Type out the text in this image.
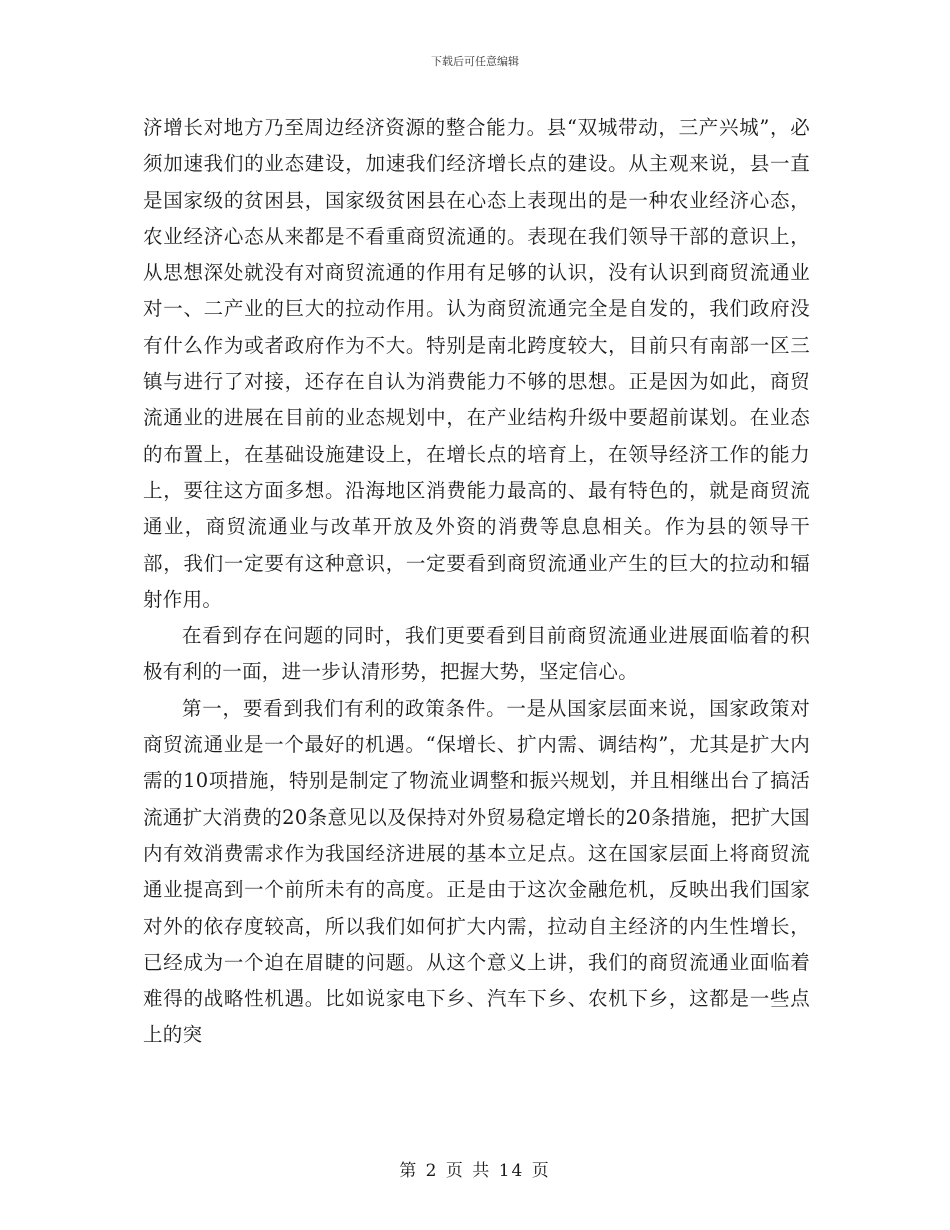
下载后可任意编辑

济增长对地方乃至周边经济资源的整合能力。县“双城带动，三产兴城”，必须加速我们的业态建设，加速我们经济增长点的建设。从主观来说，县一直是国家级的贫困县，国家级贫困县在心态上表现出的是一种农业经济心态，农业经济心态从来都是不看重商贸流通的。表现在我们领导干部的意识上，从思想深处就没有对商贸流通的作用有足够的认识，没有认识到商贸流通业对一、二产业的巨大的拉动作用。认为商贸流通完全是自发的，我们政府没有什么作为或者政府作为不大。特别是南北跨度较大，目前只有南部一区三镇与进行了对接，还存在自认为消费能力不够的思想。正是因为如此，商贸流通业的进展在目前的业态规划中，在产业结构升级中要超前谋划。在业态的布置上，在基础设施建设上，在增长点的培育上，在领导经济工作的能力上，要往这方面多想。沿海地区消费能力最高的、最有特色的，就是商贸流通业，商贸流通业与改革开放及外资的消费等息息相关。作为县的领导干部，我们一定要有这种意识，一定要看到商贸流通业产生的巨大的拉动和辐射作用。

在看到存在问题的同时，我们更要看到目前商贸流通业进展面临着的积极有利的一面，进一步认清形势，把握大势，坚定信心。

第一，要看到我们有利的政策条件。一是从国家层面来说，国家政策对商贸流通业是一个最好的机遇。“保增长、扩内需、调结构”，尤其是扩大内需的10项措施，特别是制定了物流业调整和振兴规划，并且相继出台了搞活流通扩大消费的20条意见以及保持对外贸易稳定增长的20条措施，把扩大国内有效消费需求作为我国经济进展的基本立足点。这在国家层面上将商贸流通业提高到一个前所未有的高度。正是由于这次金融危机，反映出我们国家对外的依存度较高，所以我们如何扩大内需，拉动自主经济的内生性增长，已经成为一个迫在眉睫的问题。从这个意义上讲，我们的商贸流通业面临着难得的战略性机遇。比如说家电下乡、汽车下乡、农机下乡，这都是一些点上的突

第 2 页 共 14 页
